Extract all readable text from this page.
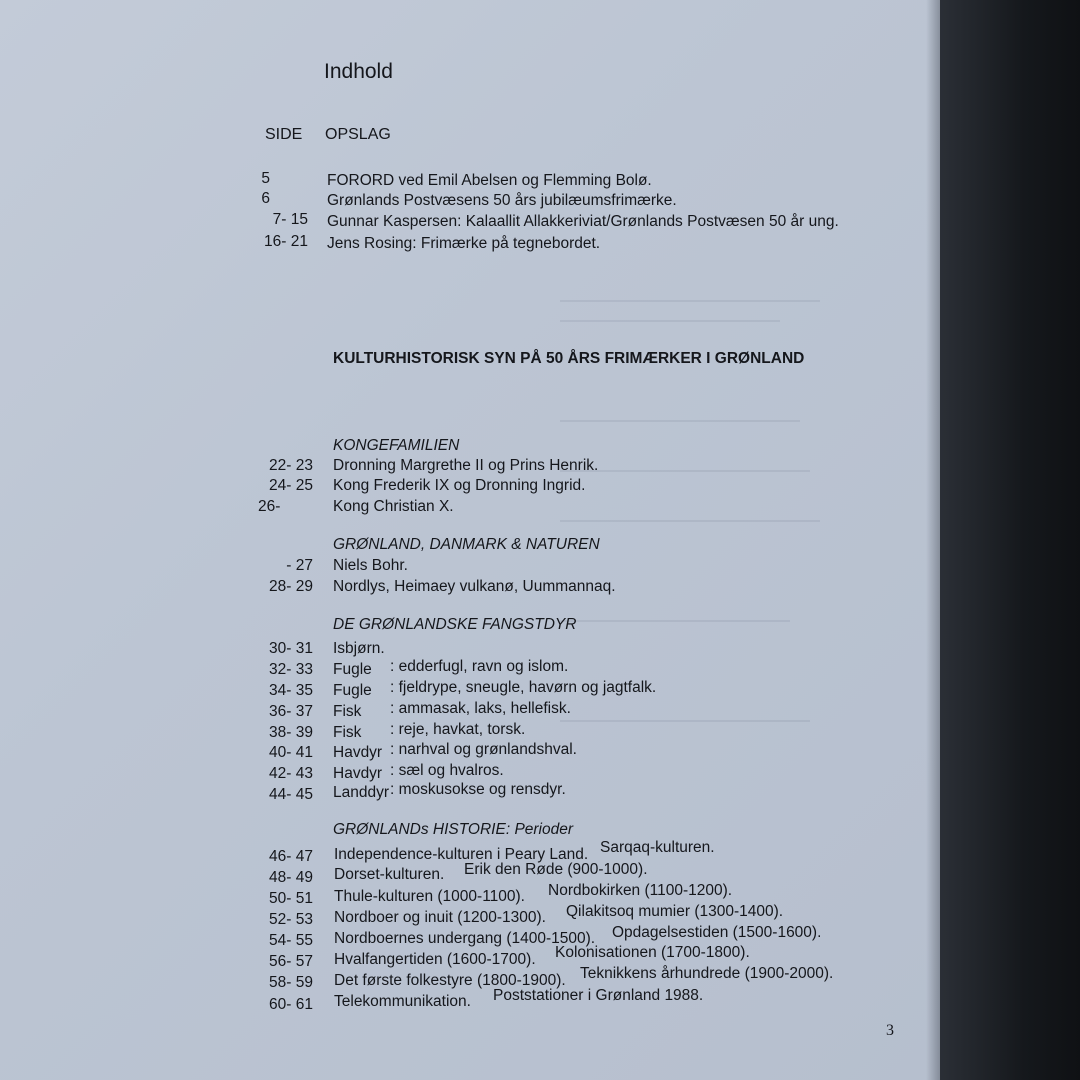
Indhold
SIDE OPSLAG
5	FORORD ved Emil Abelsen og Flemming Bolø.
6	Grønlands Postvæsens 50 års jubilæumsfrimærke.
7- 15 Gunnar Kaspersen: Kalaallit Allakkeriviat/Grønlands Postvæsen 50 år ung.
16- 21 Jens Rosing: Frimærke på tegnebordet.
KULTURHISTORISK SYN PÅ 50 ÅRS FRIMÆRKER I GRØNLAND
KONGEFAMILIEN
22- 23 Dronning Margrethe II og Prins Henrik.
24- 25 Kong Frederik IX og Dronning Ingrid.
26-	Kong Christian X.
GRØNLAND, DANMARK & NATUREN
- 27 Niels Bohr.
28- 29 Nordlys, Heimaey vulkanø, Uummannaq.
DE GRØNLANDSKE FANGSTDYR
30- 31 Isbjørn.
32- 33 Fugle : edderfugl, ravn og islom.
34- 35 Fugle : fjeldrype, sneugle, havørn og jagtfalk.
36- 37 Fisk : ammasak, laks, hellefisk.
38- 39 Fisk : reje, havkat, torsk.
40- 41 Havdyr : narhval og grønlandshval.
42- 43 Havdyr : sæl og hvalros.
44- 45 Landdyr : moskusokse og rensdyr.
GRØNLANDs HISTORIE: Perioder
46- 47 Independence-kulturen i Peary Land. Sarqaq-kulturen.
48- 49 Dorset-kulturen. Erik den Røde (900-1000).
50- 51 Thule-kulturen (1000-1100). Nordbokirken (1100-1200).
52- 53 Nordboer og inuit (1200-1300). Qilakitsoq mumier (1300-1400).
54- 55 Nordboernes undergang (1400-1500). Opdagelsestiden (1500-1600).
56- 57 Hvalfangertiden (1600-1700). Kolonisationen (1700-1800).
58- 59 Det første folkestyre (1800-1900). Teknikkens århundrede (1900-2000).
60- 61 Telekommunikation. Poststationer i Grønland 1988.
3
